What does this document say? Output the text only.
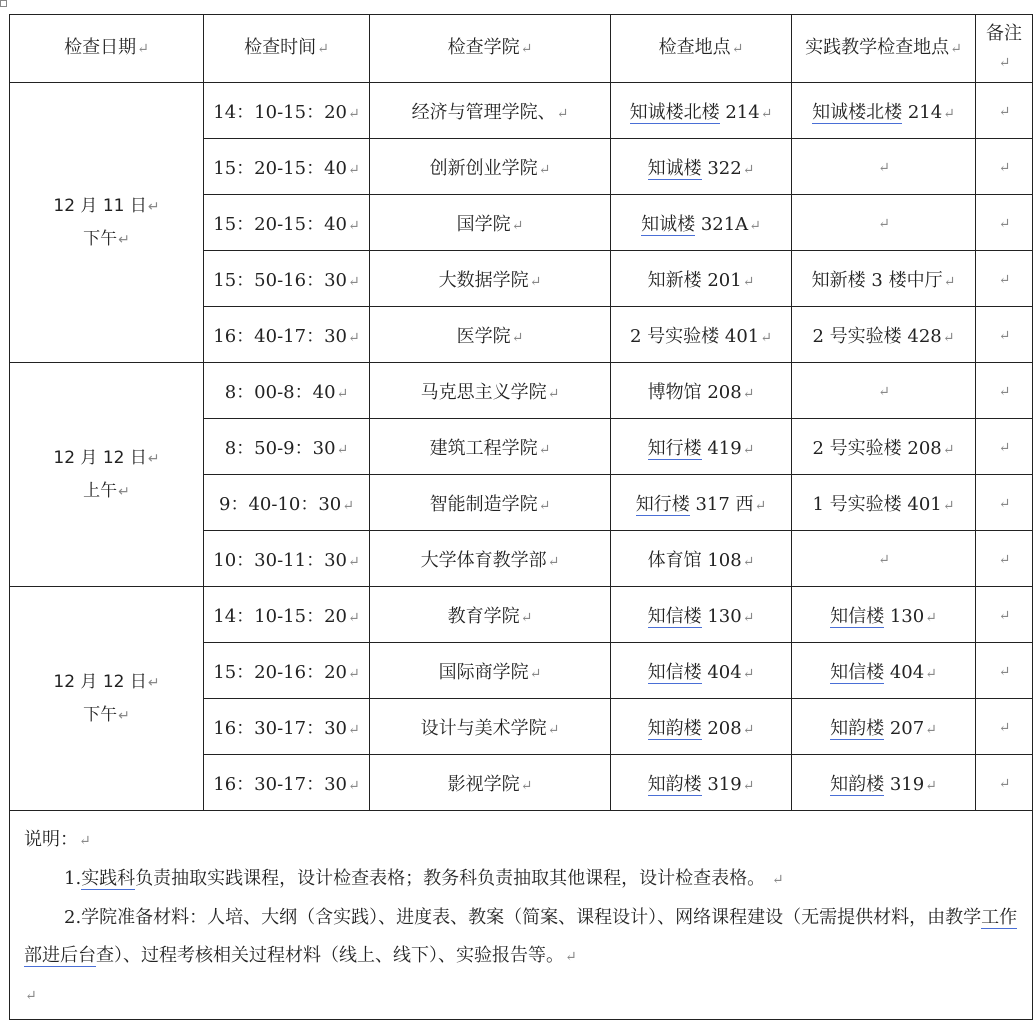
检查日期↵	检查时间↵	检查学院↵	检查地点↵	实践教学检查地点↵	备注↵
12 月 11 日↵
下午↵	14：10-15：20↵	经济与管理学院、↵	知诚楼北楼 214↵	知诚楼北楼 214↵	↵
	15：20-15：40↵	创新创业学院↵	知诚楼 322↵	↵	↵
	15：20-15：40↵	国学院↵	知诚楼 321A↵	↵	↵
	15：50-16：30↵	大数据学院↵	知新楼 201↵	知新楼 3 楼中厅↵	↵
	16：40-17：30↵	医学院↵	2 号实验楼 401↵	2 号实验楼 428↵	↵
12 月 12 日↵
上午↵	8：00-8：40↵	马克思主义学院↵	博物馆 208↵	↵	↵
	8：50-9：30↵	建筑工程学院↵	知行楼 419↵	2 号实验楼 208↵	↵
	9：40-10：30↵	智能制造学院↵	知行楼 317 西↵	1 号实验楼 401↵	↵
	10：30-11：30↵	大学体育教学部↵	体育馆 108↵	↵	↵
12 月 12 日↵
下午↵	14：10-15：20↵	教育学院↵	知信楼 130↵	知信楼 130↵	↵
	15：20-16：20↵	国际商学院↵	知信楼 404↵	知信楼 404↵	↵
	16：30-17：30↵	设计与美术学院↵	知韵楼 208↵	知韵楼 207↵	↵
	16：30-17：30↵	影视学院↵	知韵楼 319↵	知韵楼 319↵	↵

说明：↵

1.实践科负责抽取实践课程，设计检查表格；教务科负责抽取其他课程，设计检查表格。 ↵

2.学院准备材料：人培、大纲（含实践）、进度表、教案（简案、课程设计）、网络课程建设（无需提供材料，由教学工作部进后台查）、过程考核相关过程材料（线上、线下）、实验报告等。↵

↵					
